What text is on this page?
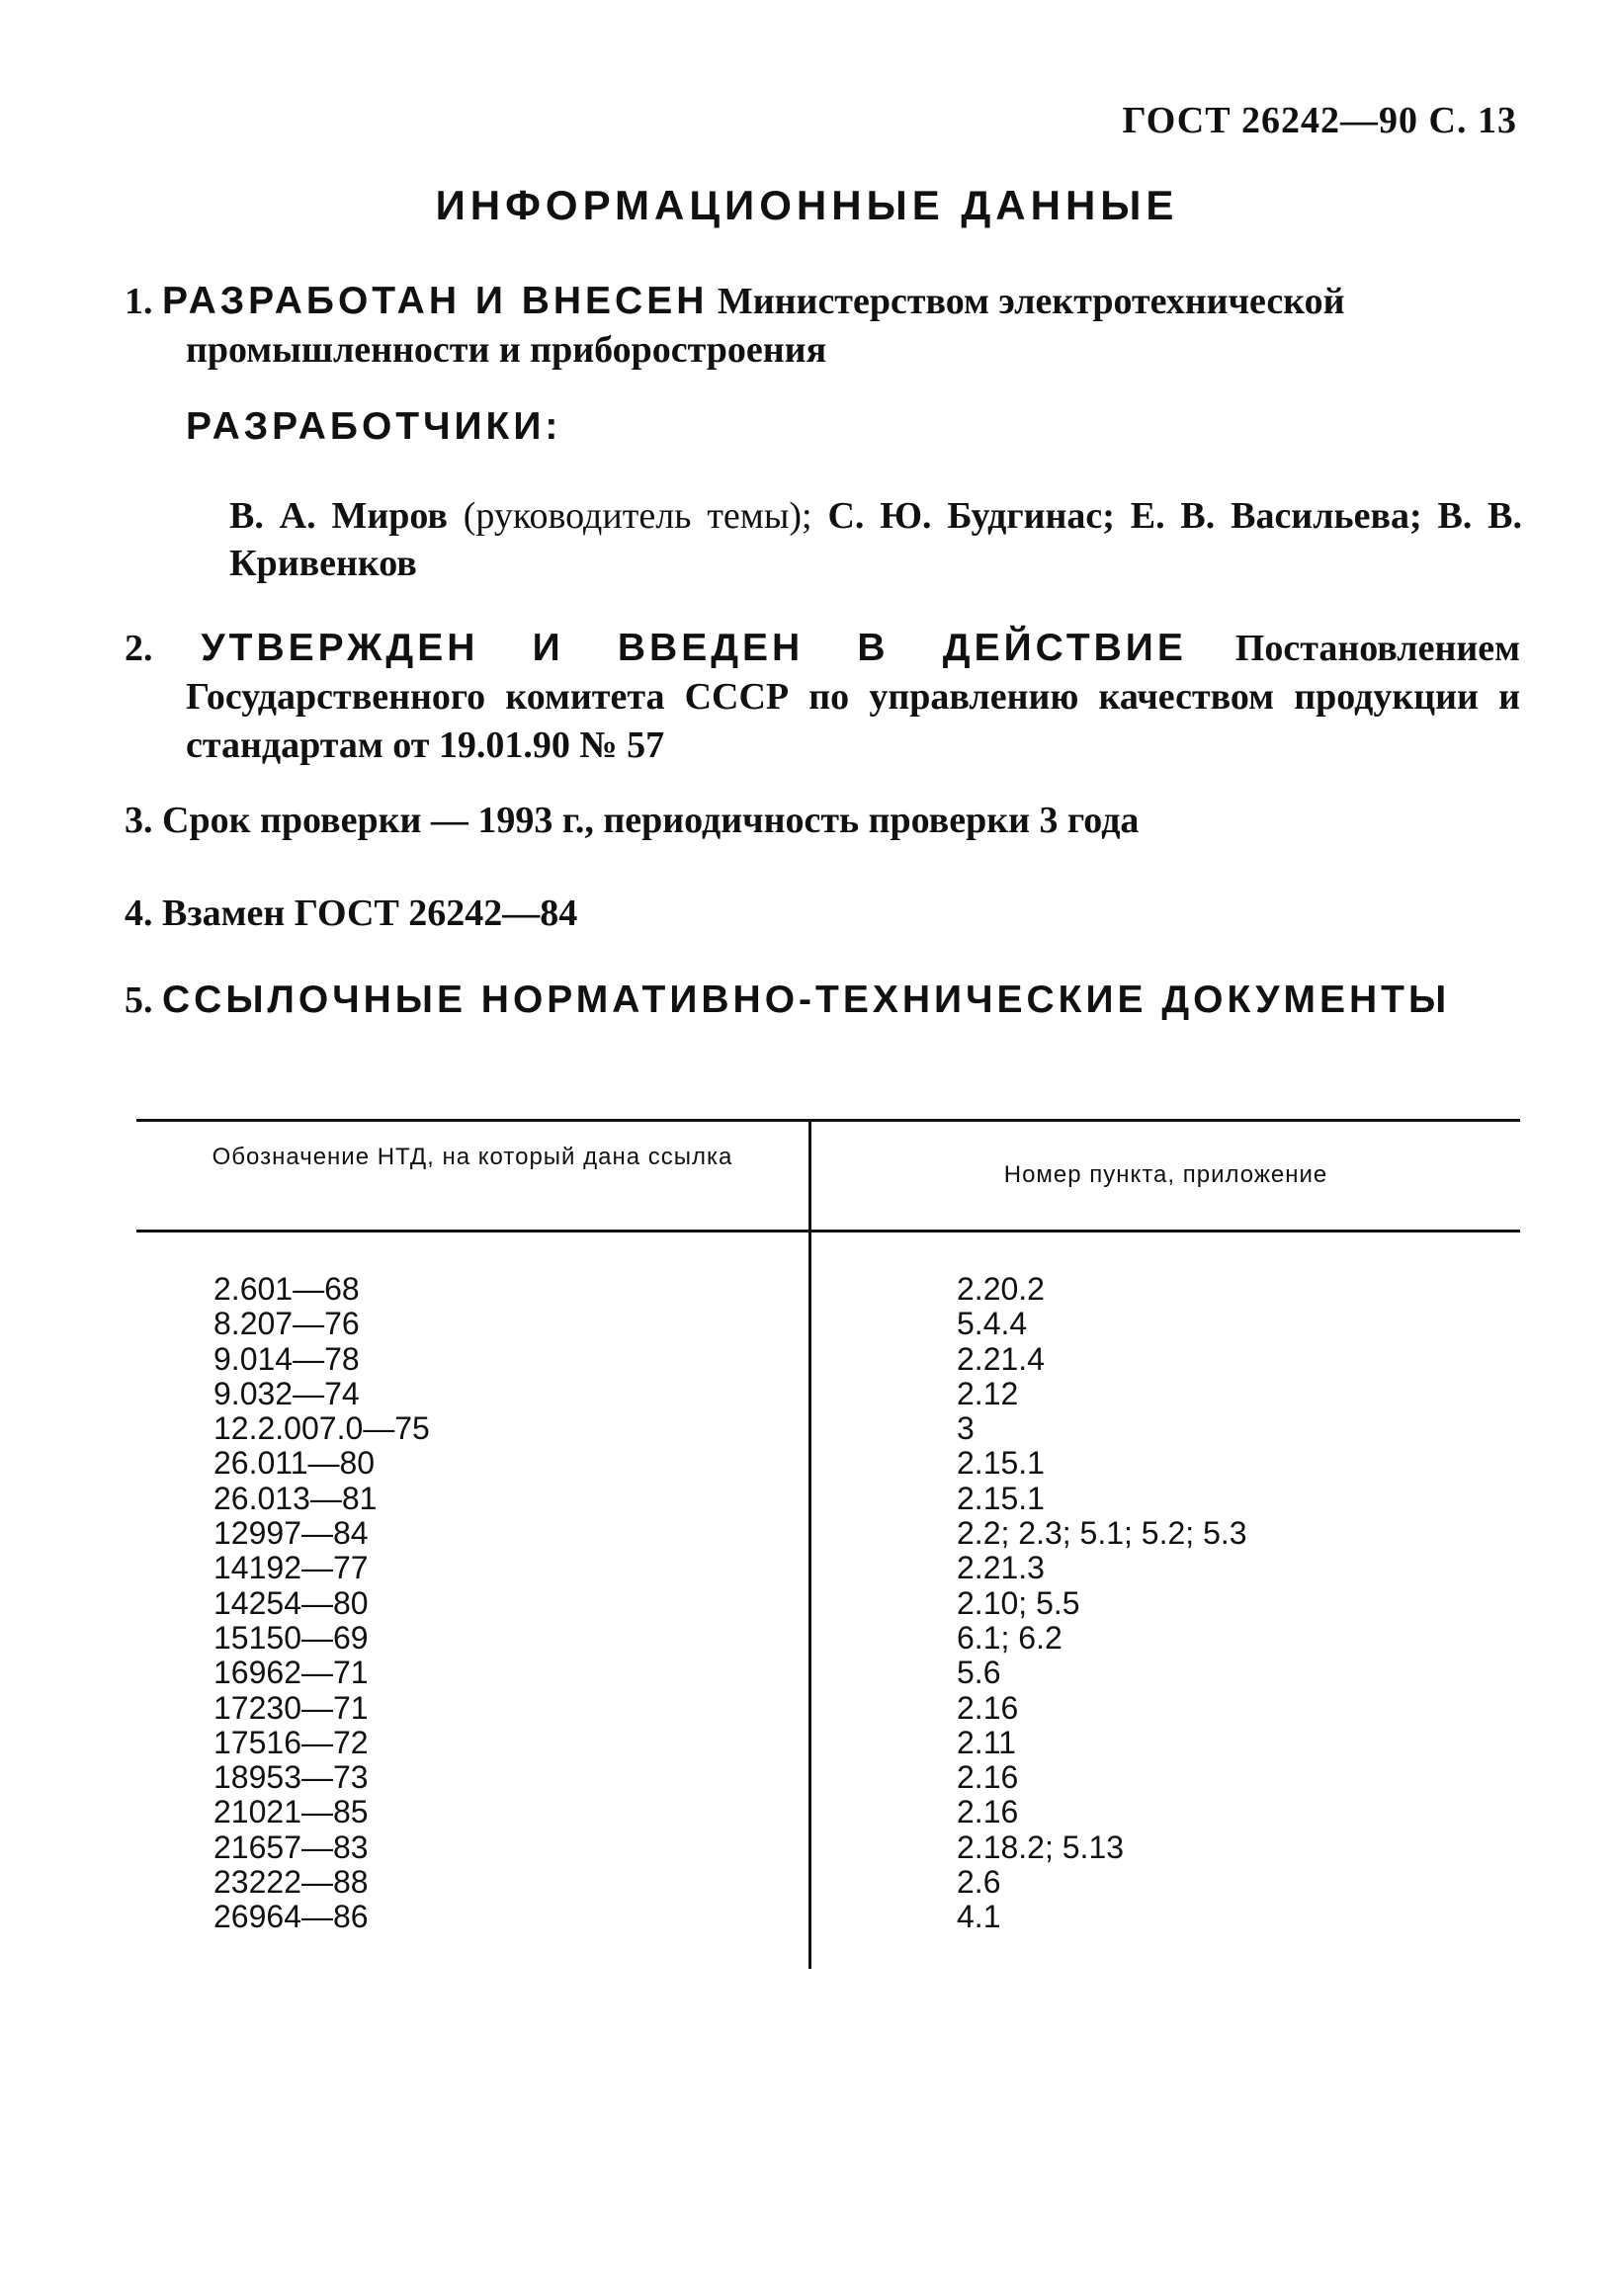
ГОСТ 26242—90 С. 13
ИНФОРМАЦИОННЫЕ ДАННЫЕ
1. РАЗРАБОТАН И ВНЕСЕН Министерством электротехнической промышленности и приборостроения
РАЗРАБОТЧИКИ:
В. А. Миров (руководитель темы); С. Ю. Будгинас; Е. В. Васильева; В. В. Кривенков
2. УТВЕРЖДЕН И ВВЕДЕН В ДЕЙСТВИЕ Постановлением Государственного комитета СССР по управлению качеством продукции и стандартам от 19.01.90 № 57
3. Срок проверки — 1993 г., периодичность проверки 3 года
4. Взамен ГОСТ 26242—84
5. ССЫЛОЧНЫЕ НОРМАТИВНО-ТЕХНИЧЕСКИЕ ДОКУМЕНТЫ
Обозначение НТД, на который дана ссылка
Номер пункта, приложение
2.601—68
8.207—76
9.014—78
9.032—74
12.2.007.0—75
26.011—80
26.013—81
12997—84
14192—77
14254—80
15150—69
16962—71
17230—71
17516—72
18953—73
21021—85
21657—83
23222—88
26964—86
2.20.2
5.4.4
2.21.4
2.12
3
2.15.1
2.15.1
2.2; 2.3; 5.1; 5.2; 5.3
2.21.3
2.10; 5.5
6.1; 6.2
5.6
2.16
2.11
2.16
2.16
2.18.2; 5.13
2.6
4.1
